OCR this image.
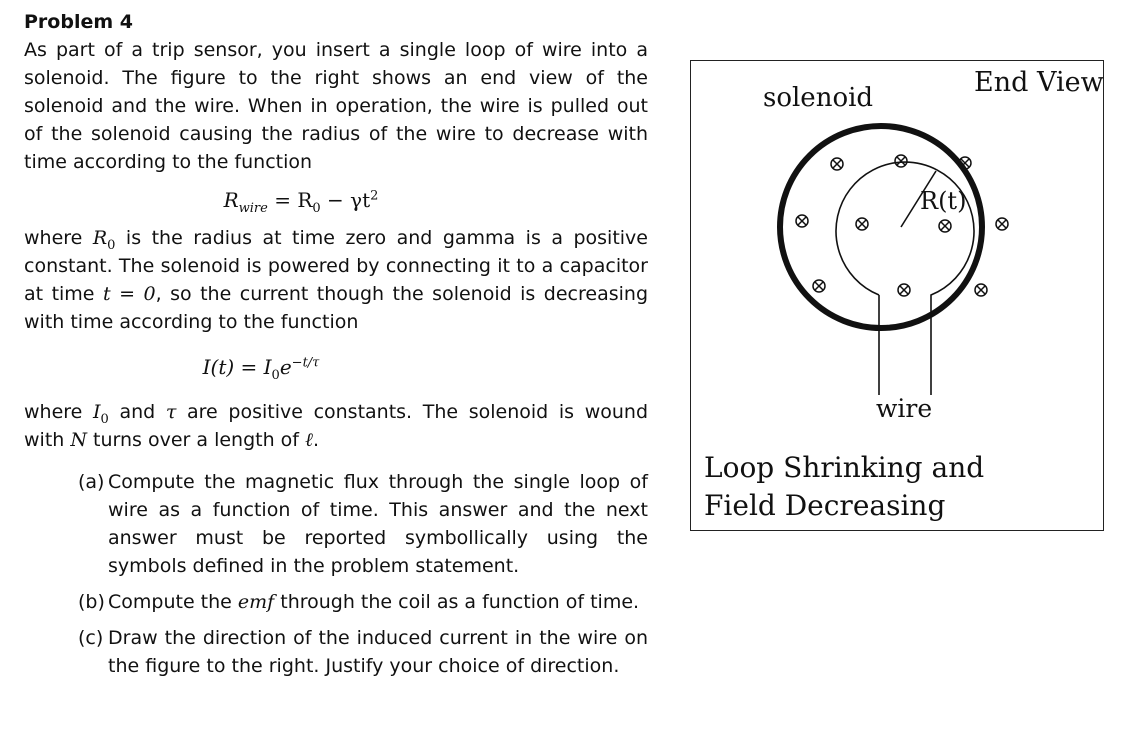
Problem 4

As part of a trip sensor, you insert a single loop of wire into a solenoid. The figure to the right shows an end view of the solenoid and the wire. When in operation, the wire is pulled out of the solenoid causing the radius of the wire to decrease with time according to the function

$R_{wire} = R_0 - \gamma t^2$

where $R_0$ is the radius at time zero and gamma is a positive constant. The solenoid is powered by connecting it to a capacitor at time t = 0, so the current though the solenoid is decreasing with time according to the function

$I(t) = I_0e^{-t/\tau}$

where $I_0$ and τ are positive constants. The solenoid is wound with N turns over a length of ℓ.

(a) Compute the magnetic flux through the single loop of wire as a function of time. This answer and the next answer must be reported symbollically using the symbols defined in the problem statement.

(b) Compute the emf through the coil as a function of time.

(c) Draw the direction of the induced current in the wire on the figure to the right. Justify your choice of direction.

End View
solenoid
R(t)
wire
Loop Shrinking and
Field Decreasing
